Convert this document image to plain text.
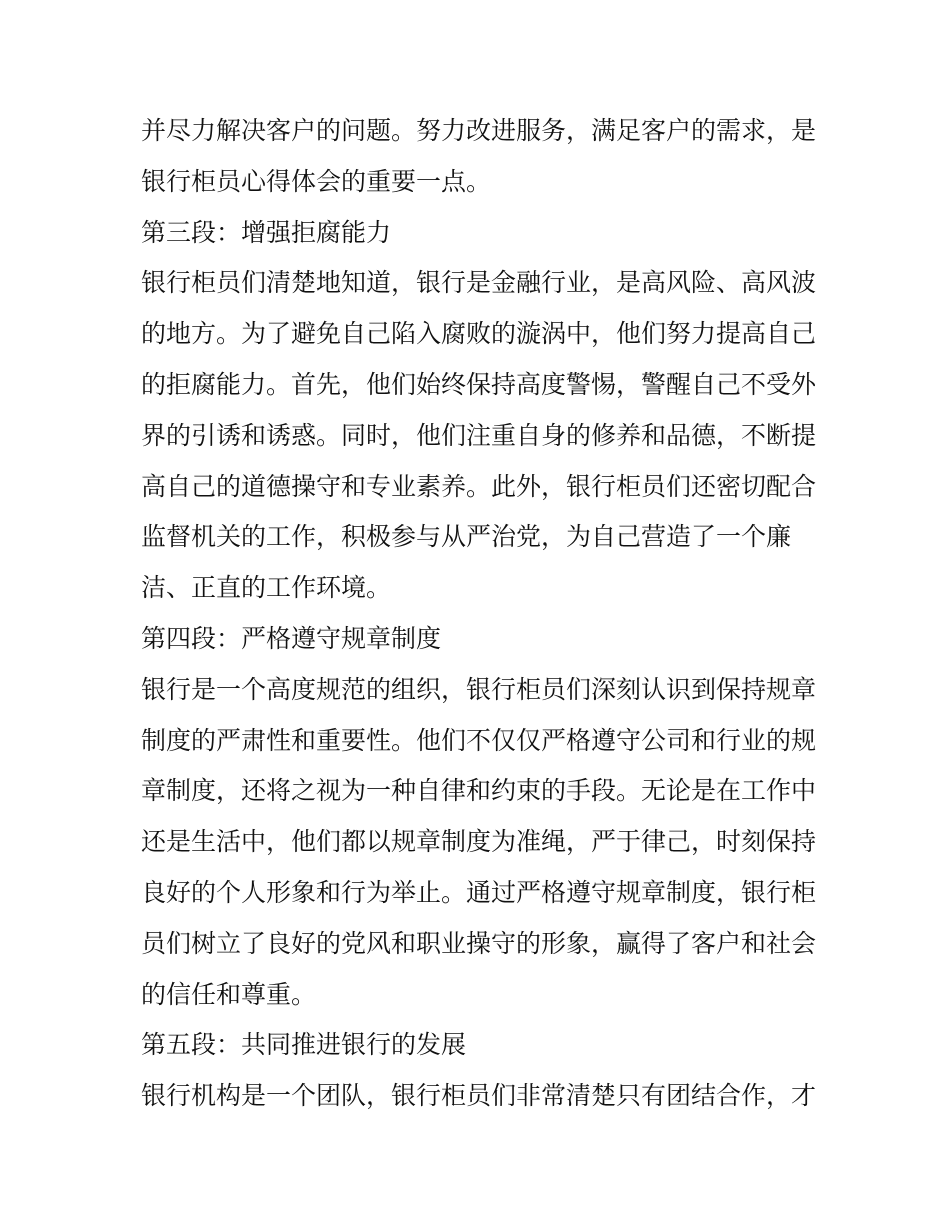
并尽力解决客户的问题。努力改进服务，满足客户的需求，是
银行柜员心得体会的重要一点。
第三段：增强拒腐能力
银行柜员们清楚地知道，银行是金融行业，是高风险、高风波
的地方。为了避免自己陷入腐败的漩涡中，他们努力提高自己
的拒腐能力。首先，他们始终保持高度警惕，警醒自己不受外
界的引诱和诱惑。同时，他们注重自身的修养和品德，不断提
高自己的道德操守和专业素养。此外，银行柜员们还密切配合
监督机关的工作，积极参与从严治党，为自己营造了一个廉
洁、正直的工作环境。
第四段：严格遵守规章制度
银行是一个高度规范的组织，银行柜员们深刻认识到保持规章
制度的严肃性和重要性。他们不仅仅严格遵守公司和行业的规
章制度，还将之视为一种自律和约束的手段。无论是在工作中
还是生活中，他们都以规章制度为准绳，严于律己，时刻保持
良好的个人形象和行为举止。通过严格遵守规章制度，银行柜
员们树立了良好的党风和职业操守的形象，赢得了客户和社会
的信任和尊重。
第五段：共同推进银行的发展
银行机构是一个团队，银行柜员们非常清楚只有团结合作，才
